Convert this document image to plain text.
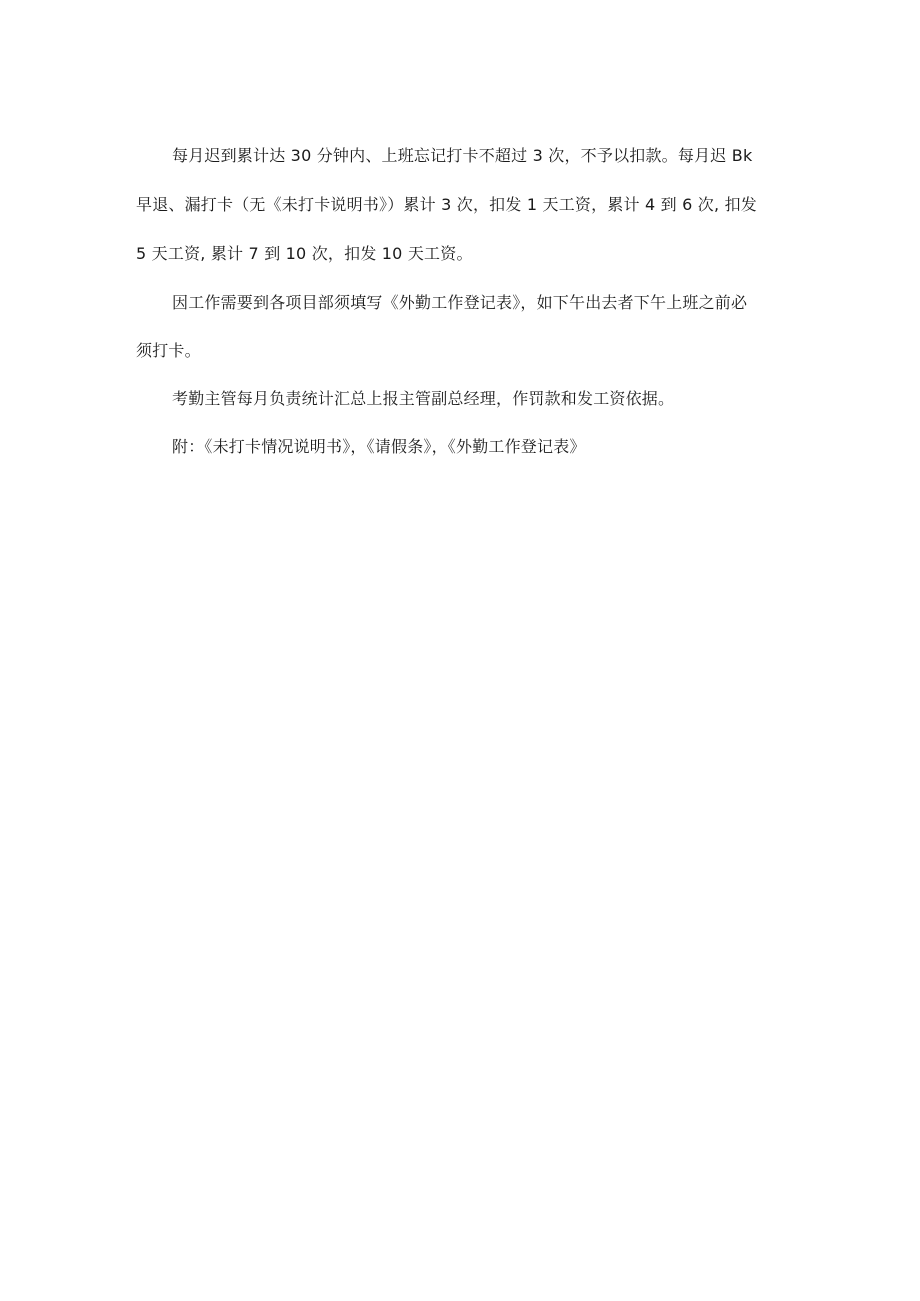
每月迟到累计达 30 分钟内、上班忘记打卡不超过 3 次，不予以扣款。每月迟 Bk
早退、漏打卡（无《未打卡说明书》）累计 3 次，扣发 1 天工资，累计 4 到 6 次, 扣发
5 天工资, 累计 7 到 10 次，扣发 10 天工资。
因工作需要到各项目部须填写《外勤工作登记表》，如下午出去者下午上班之前必
须打卡。
考勤主管每月负责统计汇总上报主管副总经理，作罚款和发工资依据。
附：《未打卡情况说明书》，《请假条》，《外勤工作登记表》
